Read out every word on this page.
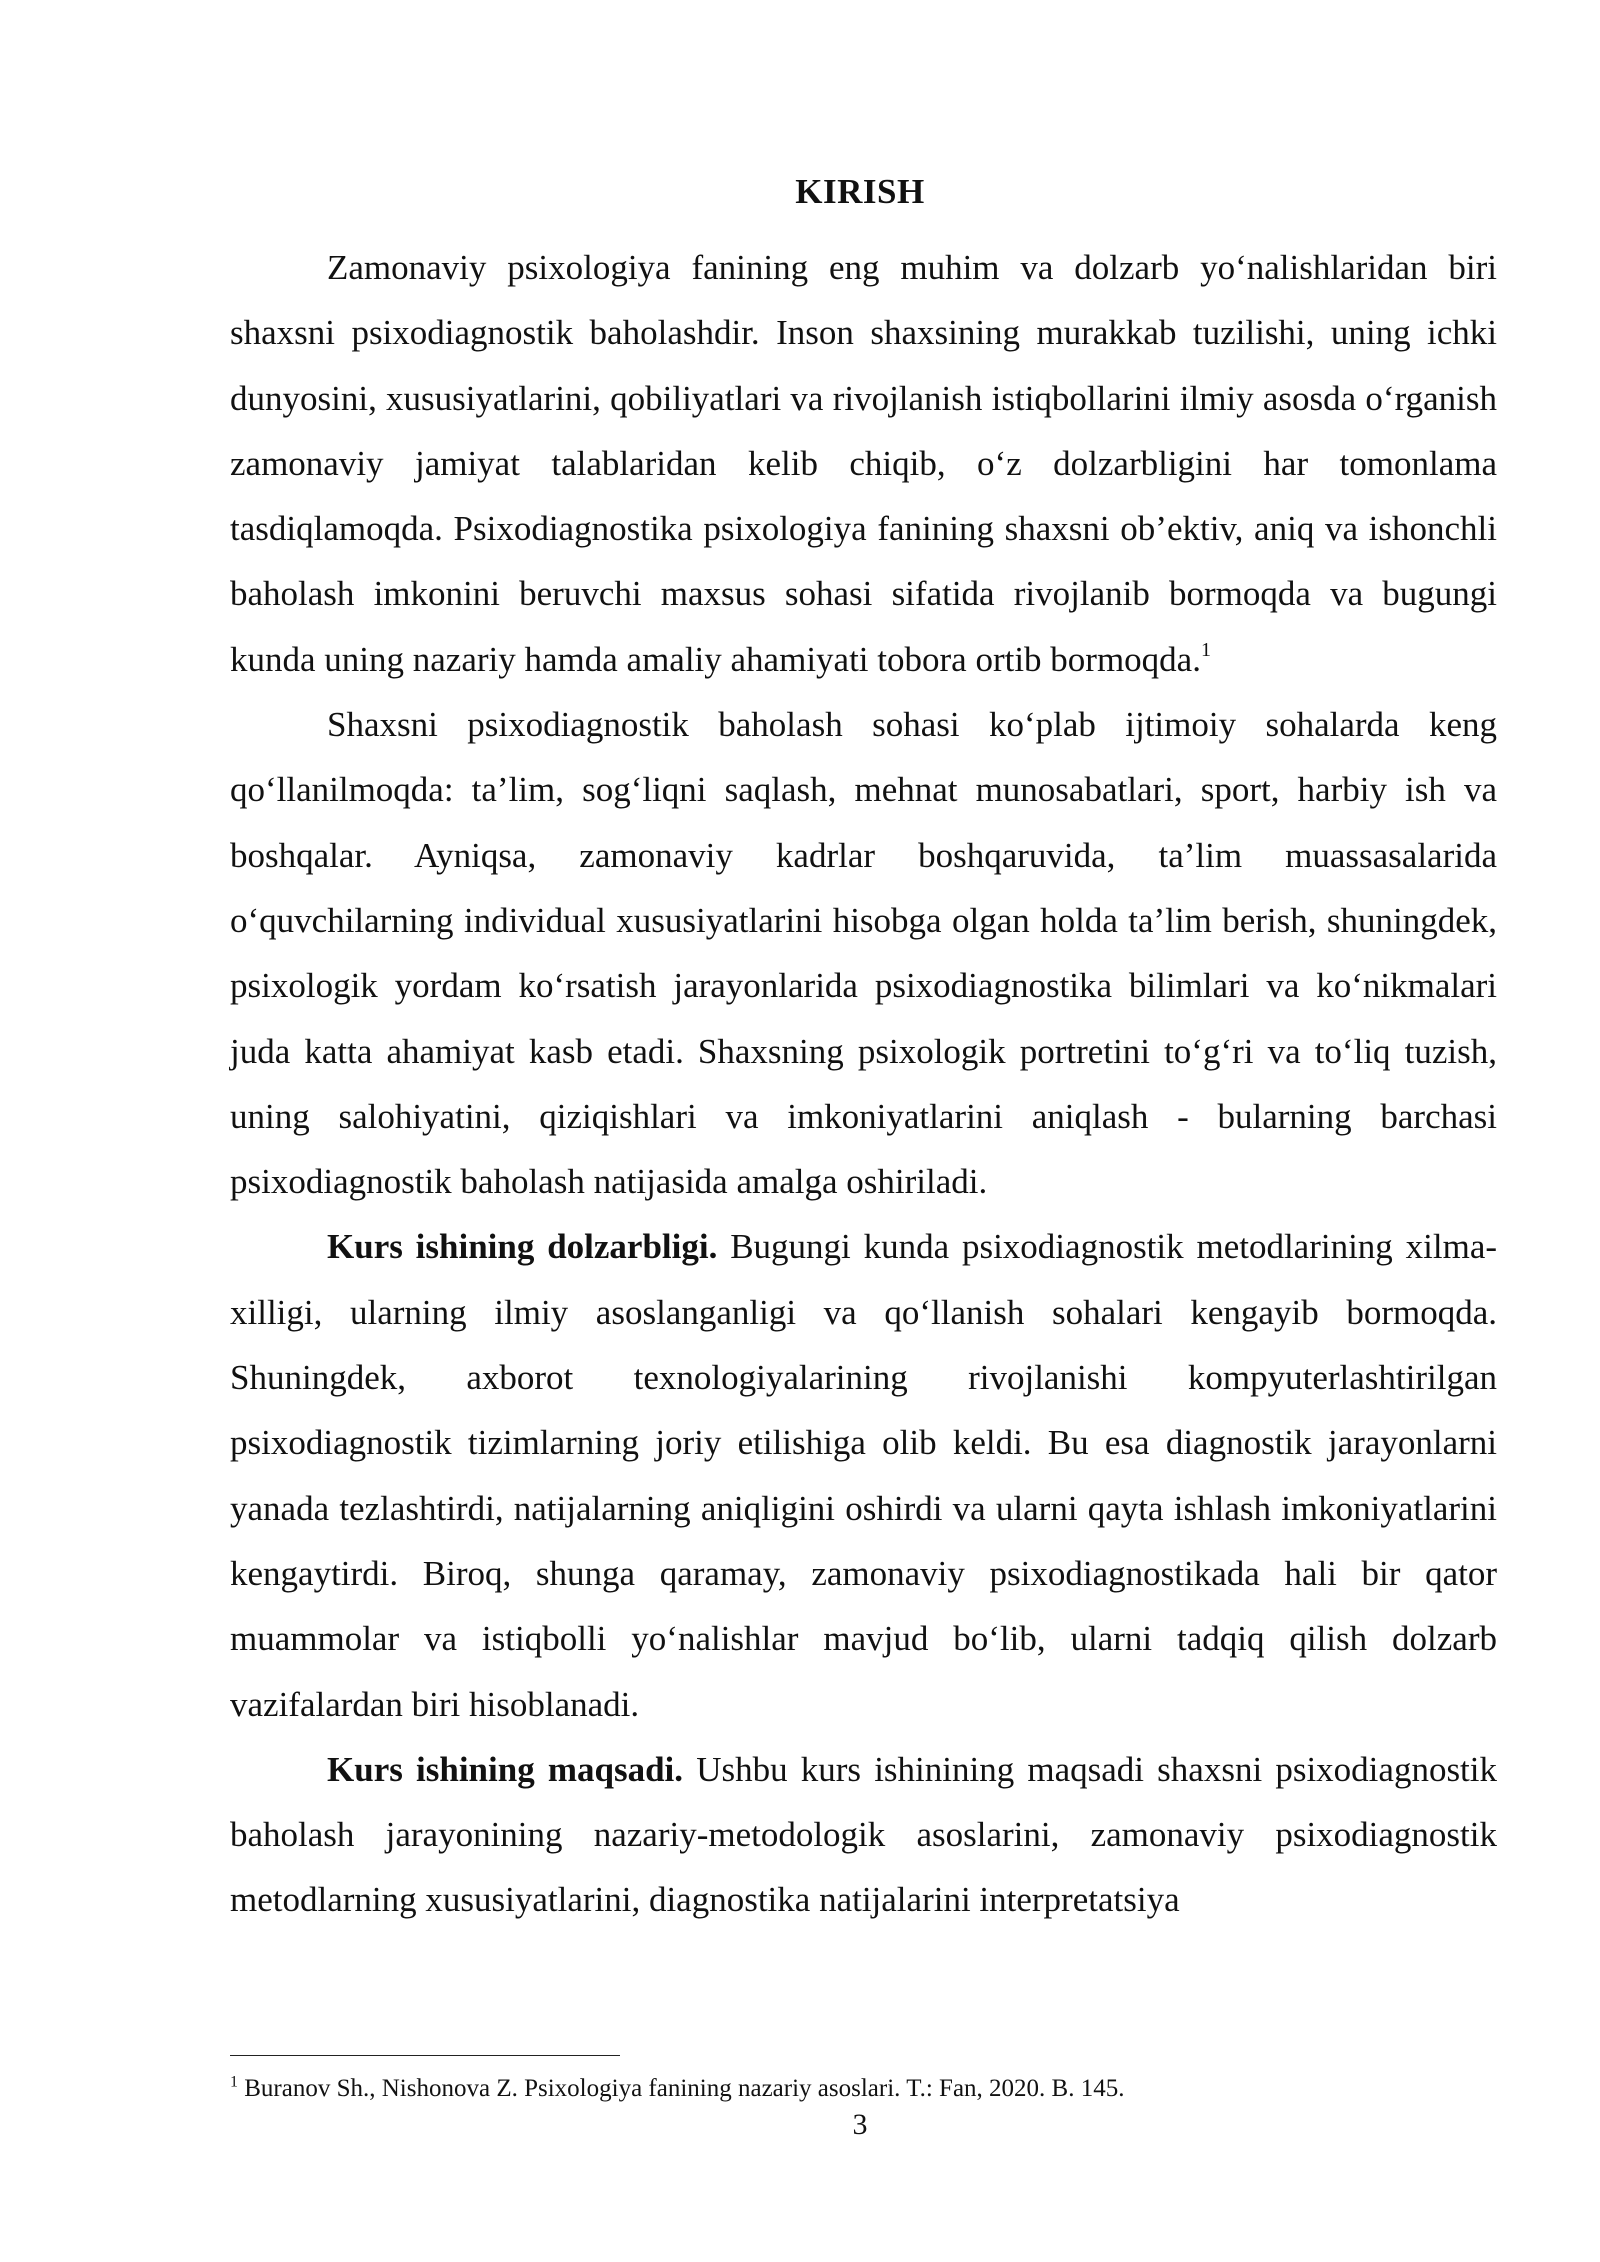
KIRISH

Zamonaviy psixologiya fanining eng muhim va dolzarb yo‘nalishlaridan biri shaxsni psixodiagnostik baholashdir. Inson shaxsining murakkab tuzilishi, uning ichki dunyosini, xususiyatlarini, qobiliyatlari va rivojlanish istiqbollarini ilmiy asosda o‘rganish zamonaviy jamiyat talablaridan kelib chiqib, o‘z dolzarbligini har tomonlama tasdiqlamoqda. Psixodiagnostika psixologiya fanining shaxsni ob’ektiv, aniq va ishonchli baholash imkonini beruvchi maxsus sohasi sifatida rivojlanib bormoqda va bugungi kunda uning nazariy hamda amaliy ahamiyati tobora ortib bormoqda.$^1$

Shaxsni psixodiagnostik baholash sohasi ko‘plab ijtimoiy sohalarda keng qo‘llanilmoqda: ta’lim, sog‘liqni saqlash, mehnat munosabatlari, sport, harbiy ish va boshqalar. Ayniqsa, zamonaviy kadrlar boshqaruvida, ta’lim muassasalarida o‘quvchilarning individual xususiyatlarini hisobga olgan holda ta’lim berish, shuningdek, psixologik yordam ko‘rsatish jarayonlarida psixodiagnostika bilimlari va ko‘nikmalari juda katta ahamiyat kasb etadi. Shaxsning psixologik portretini to‘g‘ri va to‘liq tuzish, uning salohiyatini, qiziqishlari va imkoniyatlarini aniqlash - bularning barchasi psixodiagnostik baholash natijasida amalga oshiriladi.

Kurs ishining dolzarbligi. Bugungi kunda psixodiagnostik metodlarining xilma-xilligi, ularning ilmiy asoslanganligi va qo‘llanish sohalari kengayib bormoqda. Shuningdek, axborot texnologiyalarining rivojlanishi kompyuterlashtirilgan psixodiagnostik tizimlarning joriy etilishiga olib keldi. Bu esa diagnostik jarayonlarni yanada tezlashtirdi, natijalarning aniqligini oshirdi va ularni qayta ishlash imkoniyatlarini kengaytirdi. Biroq, shunga qaramay, zamonaviy psixodiagnostikada hali bir qator muammolar va istiqbolli yo‘nalishlar mavjud bo‘lib, ularni tadqiq qilish dolzarb vazifalardan biri hisoblanadi.

Kurs ishining maqsadi. Ushbu kurs ishinining maqsadi shaxsni psixodiagnostik baholash jarayonining nazariy-metodologik asoslarini, zamonaviy psixodiagnostik metodlarning xususiyatlarini, diagnostika natijalarini interpretatsiya

$^1$ Buranov Sh., Nishonova Z. Psixologiya fanining nazariy asoslari. T.: Fan, 2020. B. 145.
3
